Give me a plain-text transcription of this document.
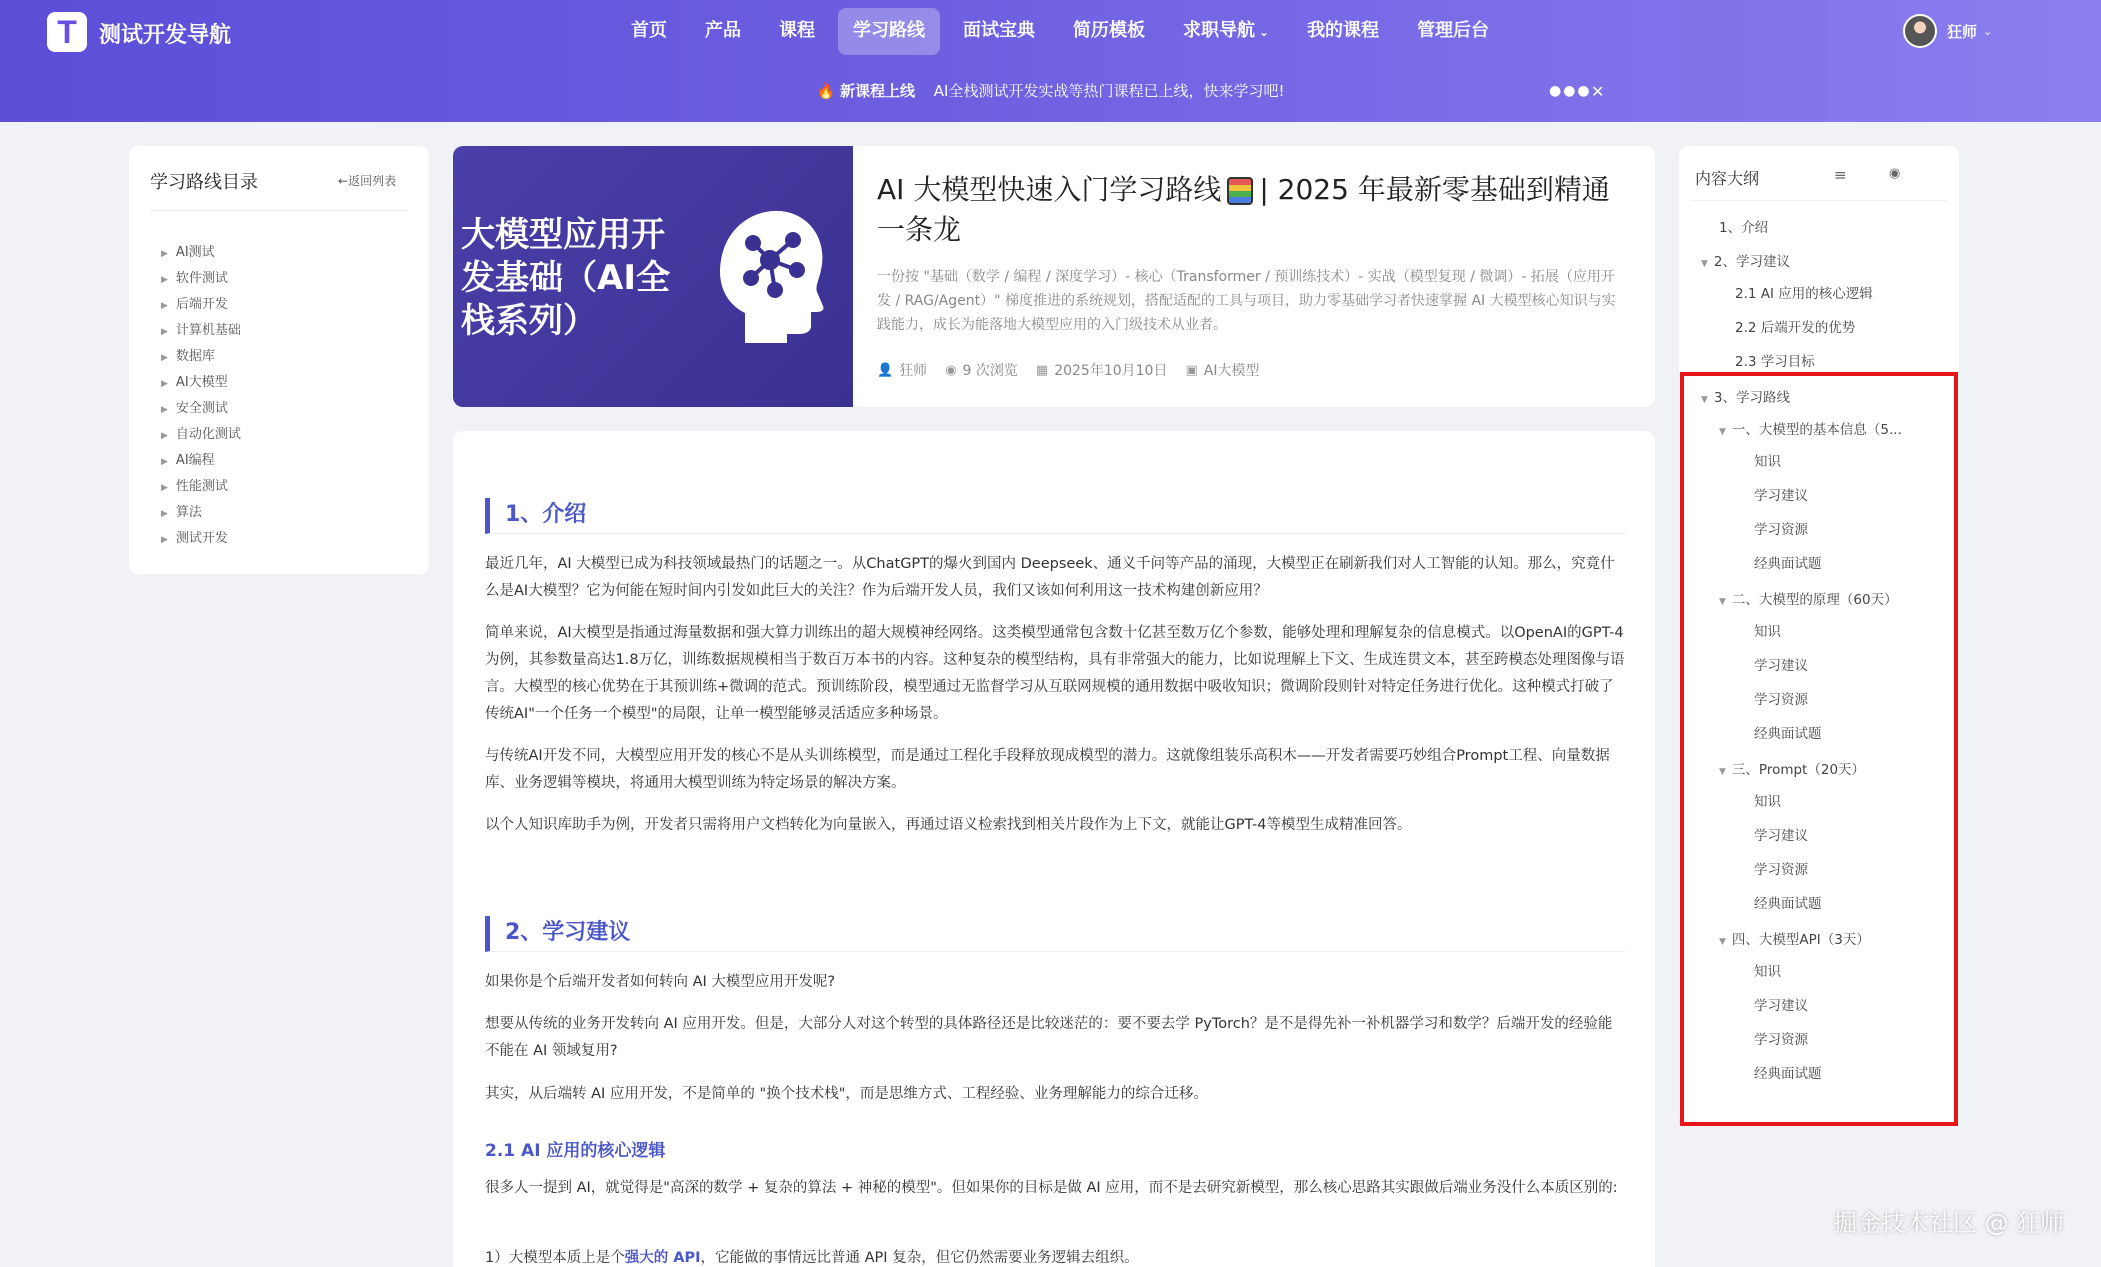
T 测试开发导航	首页	产品	课程	学习路线	面试宝典	简历模板	求职导航 ⌄	我的课程	管理后台	狂师 ⌄
🔥 新课程上线 AI全栈测试开发实战等热门课程已上线，快来学习吧!	●●● ✕
学习路线目录	←返回列表
▶ AI测试
▶ 软件测试
▶ 后端开发
▶ 计算机基础
▶ 数据库
▶ AI大模型
▶ 安全测试
▶ 自动化测试
▶ AI编程
▶ 性能测试
▶ 算法
▶ 测试开发
大模型应用开发基础（AI全栈系列）
AI 大模型快速入门学习路线 | 2025 年最新零基础到精通一条龙
一份按 "基础（数学 / 编程 / 深度学习）- 核心（Transformer / 预训练技术）- 实战（模型复现 / 微调）- 拓展（应用开发 / RAG/Agent）" 梯度推进的系统规划，搭配适配的工具与项目，助力零基础学习者快速掌握 AI 大模型核心知识与实践能力，成长为能落地大模型应用的入门级技术从业者。
👤 狂师 ◉ 9 次浏览 ▦ 2025年10月10日 ▣ AI大模型
1、介绍
最近几年，AI 大模型已成为科技领域最热门的话题之一。从ChatGPT的爆火到国内 Deepseek、通义千问等产品的涌现，大模型正在刷新我们对人工智能的认知。那么，究竟什么是AI大模型？它为何能在短时间内引发如此巨大的关注？作为后端开发人员，我们又该如何利用这一技术构建创新应用？
简单来说，AI大模型是指通过海量数据和强大算力训练出的超大规模神经网络。这类模型通常包含数十亿甚至数万亿个参数，能够处理和理解复杂的信息模式。以OpenAI的GPT-4为例，其参数量高达1.8万亿，训练数据规模相当于数百万本书的内容。这种复杂的模型结构，具有非常强大的能力，比如说理解上下文、生成连贯文本，甚至跨模态处理图像与语言。大模型的核心优势在于其预训练+微调的范式。预训练阶段，模型通过无监督学习从互联网规模的通用数据中吸收知识；微调阶段则针对特定任务进行优化。这种模式打破了传统AI"一个任务一个模型"的局限，让单一模型能够灵活适应多种场景。
与传统AI开发不同，大模型应用开发的核心不是从头训练模型，而是通过工程化手段释放现成模型的潜力。这就像组装乐高积木——开发者需要巧妙组合Prompt工程、向量数据库、业务逻辑等模块，将通用大模型训练为特定场景的解决方案。
以个人知识库助手为例，开发者只需将用户文档转化为向量嵌入，再通过语义检索找到相关片段作为上下文，就能让GPT-4等模型生成精准回答。
2、学习建议
如果你是个后端开发者如何转向 AI 大模型应用开发呢?
想要从传统的业务开发转向 AI 应用开发。但是，大部分人对这个转型的具体路径还是比较迷茫的：要不要去学 PyTorch？是不是得先补一补机器学习和数学？后端开发的经验能不能在 AI 领域复用?
其实，从后端转 AI 应用开发，不是简单的 "换个技术栈"，而是思维方式、工程经验、业务理解能力的综合迁移。
2.1 AI 应用的核心逻辑
很多人一提到 AI，就觉得是"高深的数学 + 复杂的算法 + 神秘的模型"。但如果你的目标是做 AI 应用，而不是去研究新模型，那么核心思路其实跟做后端业务没什么本质区别的:
1）大模型本质上是个强大的 API，它能做的事情远比普通 API 复杂，但它仍然需要业务逻辑去组织。
内容大纲	≡	◉
1、介绍
▼ 2、学习建议
2.1 AI 应用的核心逻辑
2.2 后端开发的优势
2.3 学习目标
▼ 3、学习路线
▼ 一、大模型的基本信息（5...
知识
学习建议
学习资源
经典面试题
▼ 二、大模型的原理（60天）
知识
学习建议
学习资源
经典面试题
▼ 三、Prompt（20天）
知识
学习建议
学习资源
经典面试题
▼ 四、大模型API（3天）
知识
学习建议
学习资源
经典面试题
掘金技术社区 @ 狂师
